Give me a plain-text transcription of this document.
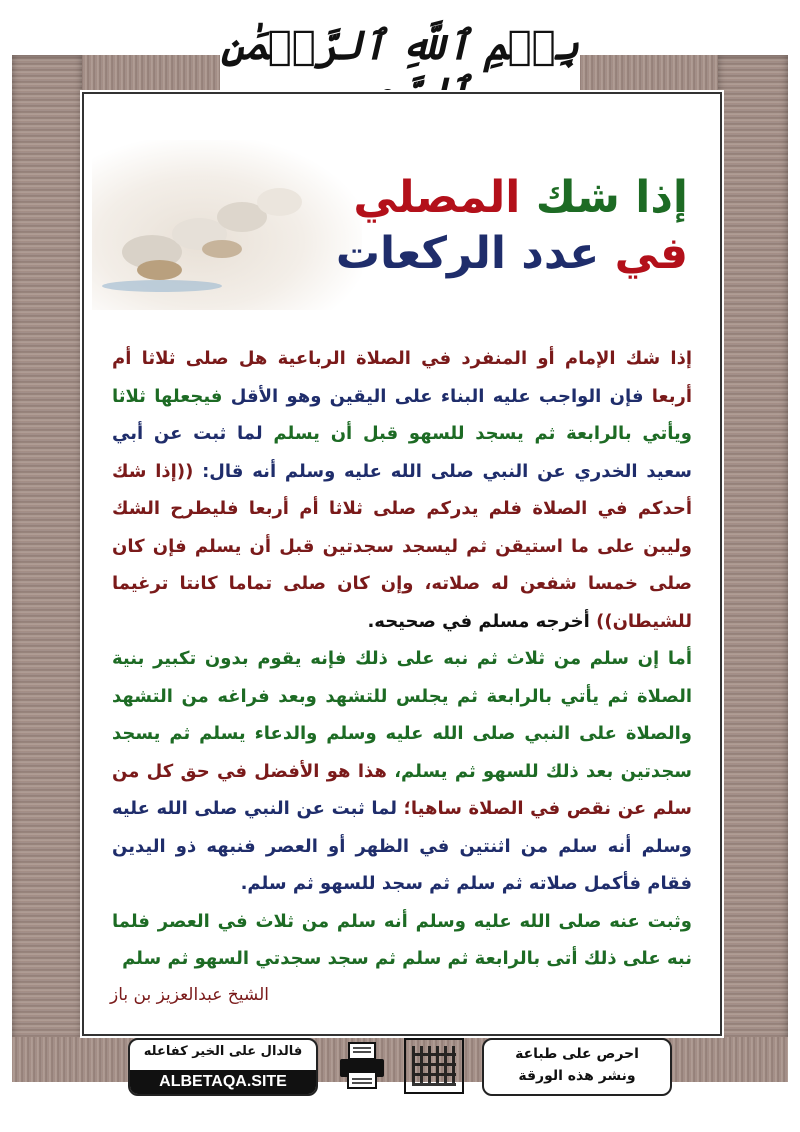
بِسۡمِ ٱللَّهِ ٱلرَّحۡمَٰنِ
إذا شك المصلي
في عدد الركعات
إذا شك الإمام أو المنفرد في الصلاة الرباعية هل صلى ثلاثا أم أربعا فإن الواجب عليه البناء على اليقين وهو الأقل فيجعلها ثلاثا ويأتي بالرابعة ثم يسجد للسهو قبل أن يسلم لما ثبت عن أبي سعيد الخدري عن النبي صلى الله عليه وسلم أنه قال: ((إذا شك أحدكم في الصلاة فلم يدركم صلى ثلاثا أم أربعا فليطرح الشك وليبن على ما استيقن ثم ليسجد سجدتين قبل أن يسلم فإن كان صلى خمسا شفعن له صلاته، وإن كان صلى تماما كانتا ترغيما للشيطان)) أخرجه مسلم في صحيحه.
أما إن سلم من ثلاث ثم نبه على ذلك فإنه يقوم بدون تكبير بنية الصلاة ثم يأتي بالرابعة ثم يجلس للتشهد وبعد فراغه من التشهد والصلاة على النبي صلى الله عليه وسلم والدعاء يسلم ثم يسجد سجدتين بعد ذلك للسهو ثم يسلم، هذا هو الأفضل في حق كل من سلم عن نقص في الصلاة ساهيا؛ لما ثبت عن النبي صلى الله عليه وسلم أنه سلم من اثنتين في الظهر أو العصر فنبهه ذو اليدين فقام فأكمل صلاته ثم سلم ثم سجد للسهو ثم سلم.
وثبت عنه صلى الله عليه وسلم أنه سلم من ثلاث في العصر فلما نبه على ذلك أتى بالرابعة ثم سلم ثم سجد سجدتي السهو ثم سلم
الشيخ عبدالعزيز بن باز
فالدال على الخير كفاعله
ALBETAQA.SITE
احرص على طباعة
ونشر هذه الورقة
